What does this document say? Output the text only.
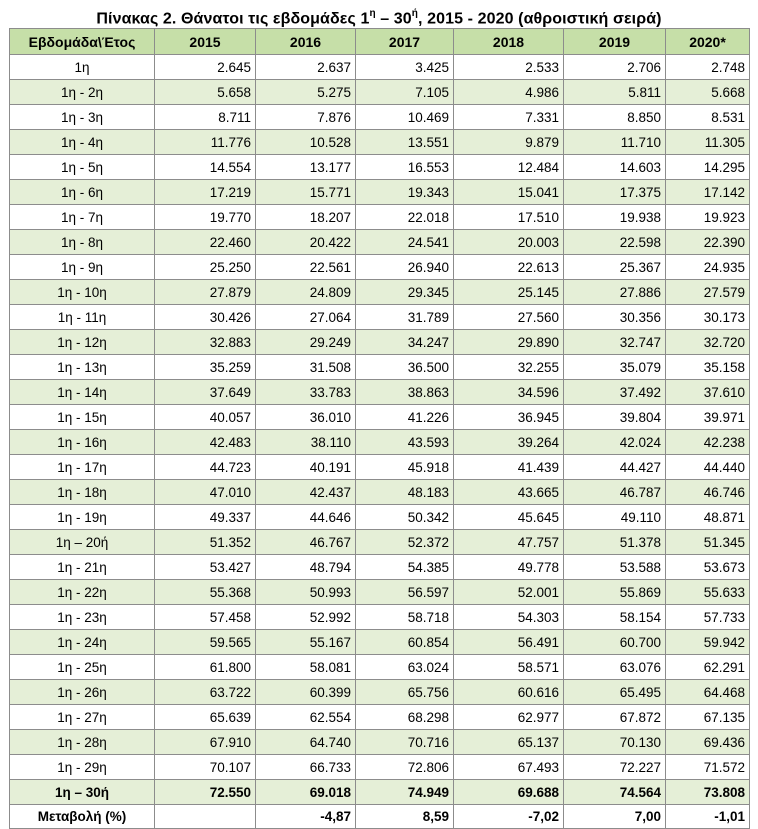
Πίνακας 2. Θάνατοι τις εβδομάδες $1^\eta - 30^ή$, 2015 - 2020 (αθροιστική σειρά)
Εβδομάδα\Έτος	2015	2016	2017	2018	2019	2020*
1η	2.645	2.637	3.425	2.533	2.706	2.748
1η - 2η	5.658	5.275	7.105	4.986	5.811	5.668
1η - 3η	8.711	7.876	10.469	7.331	8.850	8.531
1η - 4η	11.776	10.528	13.551	9.879	11.710	11.305
1η - 5η	14.554	13.177	16.553	12.484	14.603	14.295
1η - 6η	17.219	15.771	19.343	15.041	17.375	17.142
1η - 7η	19.770	18.207	22.018	17.510	19.938	19.923
1η - 8η	22.460	20.422	24.541	20.003	22.598	22.390
1η - 9η	25.250	22.561	26.940	22.613	25.367	24.935
1η - 10η	27.879	24.809	29.345	25.145	27.886	27.579
1η - 11η	30.426	27.064	31.789	27.560	30.356	30.173
1η - 12η	32.883	29.249	34.247	29.890	32.747	32.720
1η - 13η	35.259	31.508	36.500	32.255	35.079	35.158
1η - 14η	37.649	33.783	38.863	34.596	37.492	37.610
1η - 15η	40.057	36.010	41.226	36.945	39.804	39.971
1η - 16η	42.483	38.110	43.593	39.264	42.024	42.238
1η - 17η	44.723	40.191	45.918	41.439	44.427	44.440
1η - 18η	47.010	42.437	48.183	43.665	46.787	46.746
1η - 19η	49.337	44.646	50.342	45.645	49.110	48.871
1η – 20ή	51.352	46.767	52.372	47.757	51.378	51.345
1η - 21η	53.427	48.794	54.385	49.778	53.588	53.673
1η - 22η	55.368	50.993	56.597	52.001	55.869	55.633
1η - 23η	57.458	52.992	58.718	54.303	58.154	57.733
1η - 24η	59.565	55.167	60.854	56.491	60.700	59.942
1η - 25η	61.800	58.081	63.024	58.571	63.076	62.291
1η - 26η	63.722	60.399	65.756	60.616	65.495	64.468
1η - 27η	65.639	62.554	68.298	62.977	67.872	67.135
1η - 28η	67.910	64.740	70.716	65.137	70.130	69.436
1η - 29η	70.107	66.733	72.806	67.493	72.227	71.572
1η – 30ή	72.550	69.018	74.949	69.688	74.564	73.808
Μεταβολή (%)		-4,87	8,59	-7,02	7,00	-1,01
